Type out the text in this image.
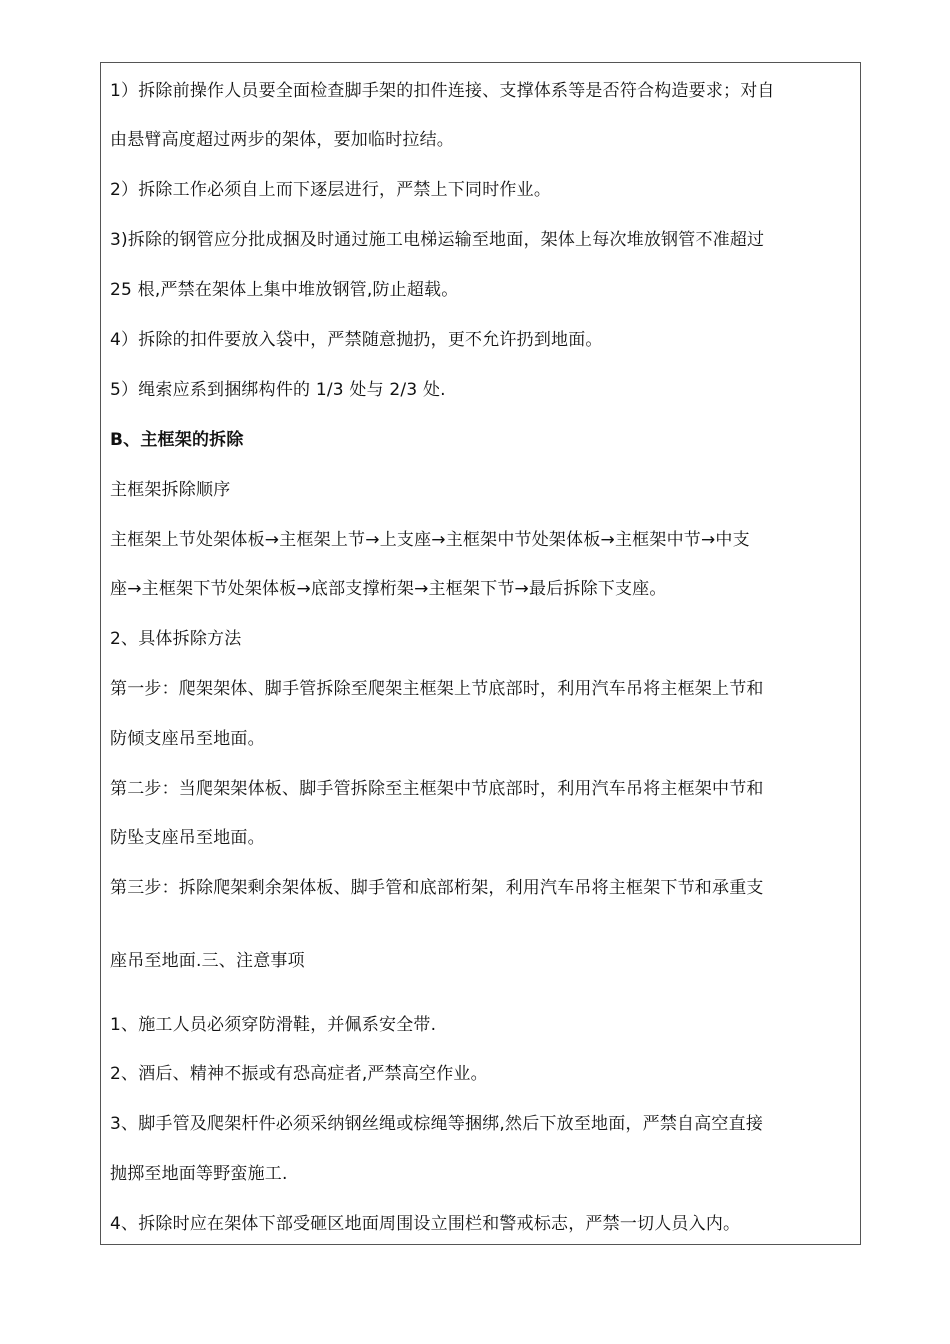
1）拆除前操作人员要全面检查脚手架的扣件连接、支撑体系等是否符合构造要求；对自
由悬臂高度超过两步的架体，要加临时拉结。
2）拆除工作必须自上而下逐层进行，严禁上下同时作业。
3)拆除的钢管应分批成捆及时通过施工电梯运输至地面，架体上每次堆放钢管不准超过
25 根,严禁在架体上集中堆放钢管,防止超载。
4）拆除的扣件要放入袋中，严禁随意抛扔，更不允许扔到地面。
5）绳索应系到捆绑构件的 1/3 处与 2/3 处.
B、主框架的拆除
主框架拆除顺序
主框架上节处架体板→主框架上节→上支座→主框架中节处架体板→主框架中节→中支
座→主框架下节处架体板→底部支撑桁架→主框架下节→最后拆除下支座。
2、具体拆除方法
第一步：爬架架体、脚手管拆除至爬架主框架上节底部时，利用汽车吊将主框架上节和
防倾支座吊至地面。
第二步：当爬架架体板、脚手管拆除至主框架中节底部时，利用汽车吊将主框架中节和
防坠支座吊至地面。
第三步：拆除爬架剩余架体板、脚手管和底部桁架，利用汽车吊将主框架下节和承重支
座吊至地面.三、注意事项
1、施工人员必须穿防滑鞋，并佩系安全带.
2、酒后、精神不振或有恐高症者,严禁高空作业。
3、脚手管及爬架杆件必须采纳钢丝绳或棕绳等捆绑,然后下放至地面，严禁自高空直接
抛掷至地面等野蛮施工.
4、拆除时应在架体下部受砸区地面周围设立围栏和警戒标志，严禁一切人员入内。
